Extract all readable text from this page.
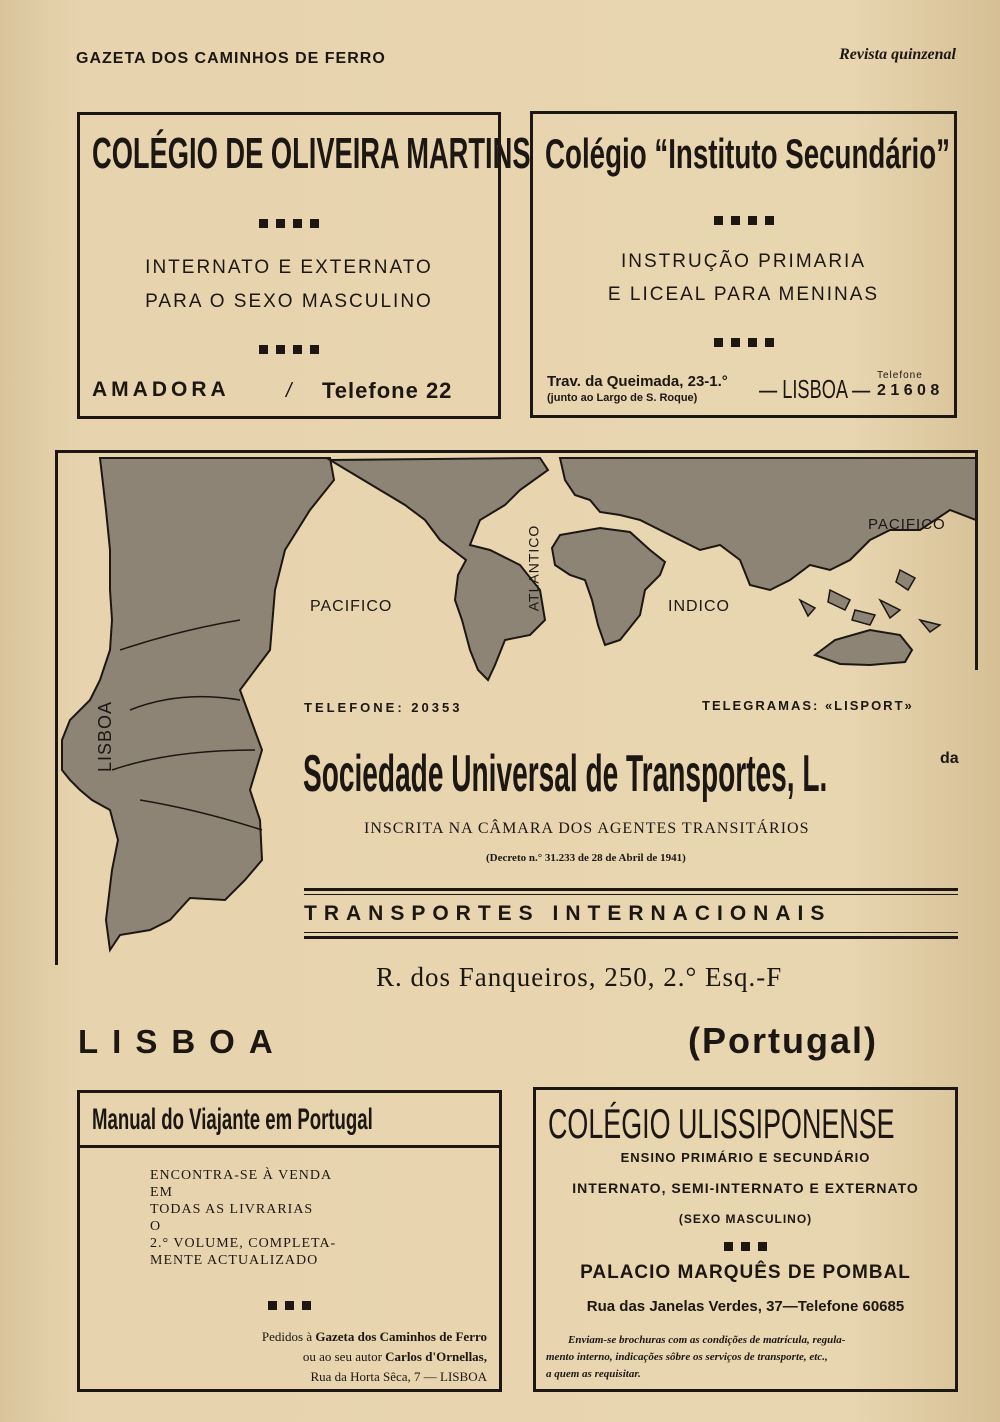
GAZETA DOS CAMINHOS DE FERRO	Revista quinzenal
COLÉGIO DE OLIVEIRA MARTINS
INTERNATO E EXTERNATO
PARA O SEXO MASCULINO
AMADORA	/ Telefone 22
Colégio “Instituto Secundário”
INSTRUÇÃO PRIMARIA
E LICEAL PARA MENINAS
Trav. da Queimada, 23-1.°
(junto ao Largo de S. Roque) — LISBOA — Telefone
2 1 6 0 8
PACIFICO	ATLANTICO	INDICO
PACIFICO
LISBOA	TELEFONE: 20353	TELEGRAMAS: «LISPORT»
Sociedade Universal de Transportes, L.	da
INSCRITA NA CÂMARA DOS AGENTES TRANSITÁRIOS
(Decreto n.° 31.233 de 28 de Abril de 1941)
TRANSPORTES INTERNACIONAIS
R. dos Fanqueiros, 250, 2.° Esq.-F
LISBOA	(Portugal)
Manual do Viajante em Portugal
ENCONTRA-SE À VENDA
EM
TODAS AS LIVRARIAS
O
2.° VOLUME, COMPLETA-
MENTE ACTUALIZADO
Pedidos à Gazeta dos Caminhos de Ferro
ou ao seu autor Carlos d'Ornellas,
Rua da Horta Sêca, 7 — LISBOA
COLÉGIO ULISSIPONENSE
ENSINO PRIMÁRIO E SECUNDÁRIO
INTERNATO, SEMI-INTERNATO E EXTERNATO
(SEXO MASCULINO)
PALACIO MARQUÊS DE POMBAL
Rua das Janelas Verdes, 37—Telefone 60685
Enviam-se brochuras com as condições de matrícula, regula-
mento interno, indicações sôbre os serviços de transporte, etc.,
a quem as requisitar.
